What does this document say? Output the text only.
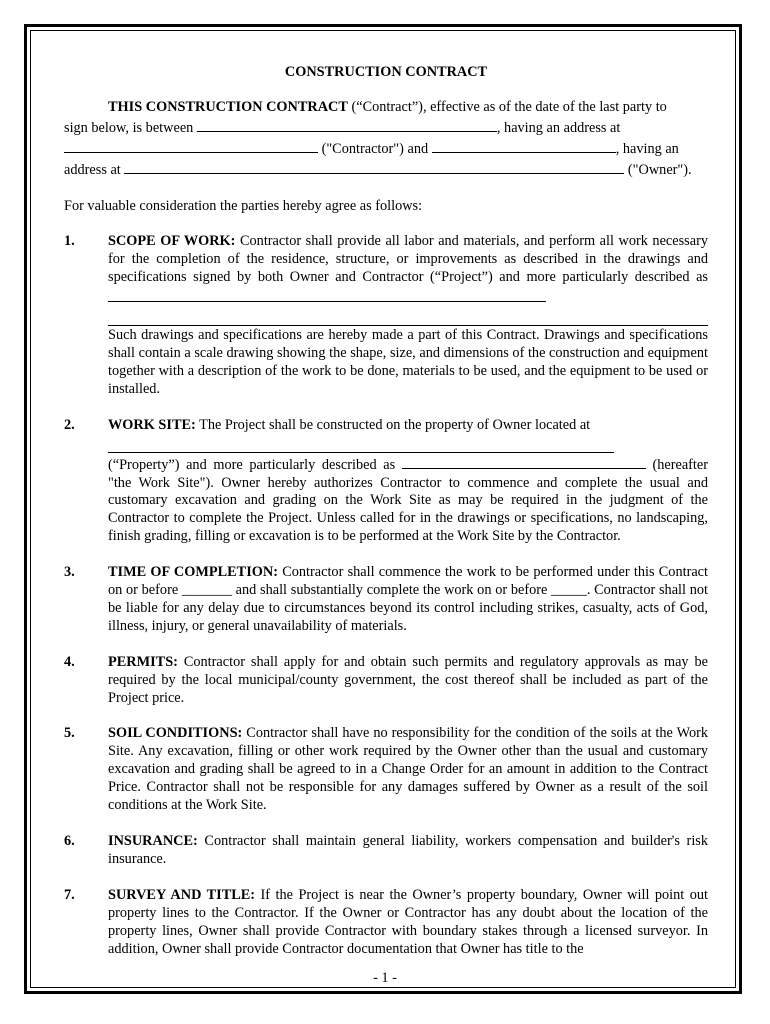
CONSTRUCTION CONTRACT

THIS CONSTRUCTION CONTRACT (“Contract”), effective as of the date of the last party to

sign below, is between	, having an address at

("Contractor") and	, having an

address at	("Owner").

For valuable consideration the parties hereby agree as follows:

1. SCOPE OF WORK: Contractor shall provide all labor and materials, and perform all work necessary for the completion of the residence, structure, or improvements as described in the drawings and specifications signed by both Owner and Contractor (“Project”) and more particularly described as

Such drawings and specifications are hereby made a part of this Contract. Drawings and specifications shall contain a scale drawing showing the shape, size, and dimensions of the construction and equipment together with a description of the work to be done, materials to be used, and the equipment to be used or installed.

2. WORK SITE: The Project shall be constructed on the property of Owner located at

(“Property”) and more particularly described as	(hereafter "the Work Site"). Owner hereby authorizes Contractor to commence and complete the usual and customary excavation and grading on the Work Site as may be required in the judgment of the Contractor to complete the Project. Unless called for in the drawings or specifications, no landscaping, finish grading, filling or excavation is to be performed at the Work Site by the Contractor.

3. TIME OF COMPLETION: Contractor shall commence the work to be performed under this Contract on or before _______ and shall substantially complete the work on or before _____. Contractor shall not be liable for any delay due to circumstances beyond its control including strikes, casualty, acts of God, illness, injury, or general unavailability of materials.

4. PERMITS: Contractor shall apply for and obtain such permits and regulatory approvals as may be required by the local municipal/county government, the cost thereof shall be included as part of the Project price.

5. SOIL CONDITIONS: Contractor shall have no responsibility for the condition of the soils at the Work Site. Any excavation, filling or other work required by the Owner other than the usual and customary excavation and grading shall be agreed to in a Change Order for an amount in addition to the Contract Price. Contractor shall not be responsible for any damages suffered by Owner as a result of the soil conditions at the Work Site.

6. INSURANCE: Contractor shall maintain general liability, workers compensation and builder's risk insurance.

7. SURVEY AND TITLE: If the Project is near the Owner’s property boundary, Owner will point out property lines to the Contractor. If the Owner or Contractor has any doubt about the location of the property lines, Owner shall provide Contractor with boundary stakes through a licensed surveyor. In addition, Owner shall provide Contractor documentation that Owner has title to the

- 1 -
